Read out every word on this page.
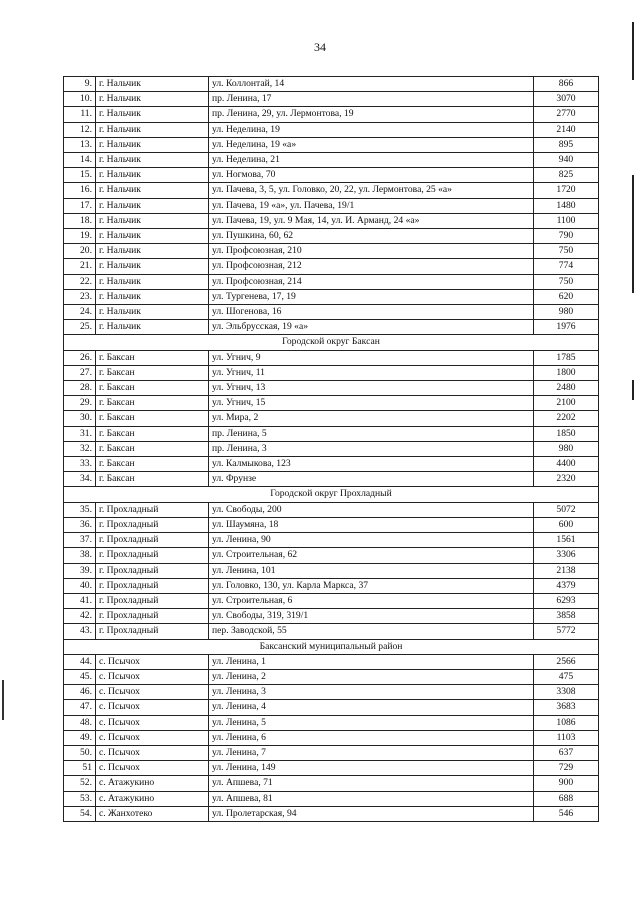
34
9.	г. Нальчик	ул. Коллонтай, 14	866
10.	г. Нальчик	пр. Ленина, 17	3070
11.	г. Нальчик	пр. Ленина, 29, ул. Лермонтова, 19	2770
12.	г. Нальчик	ул. Неделина, 19	2140
13.	г. Нальчик	ул. Неделина, 19 «а»	895
14.	г. Нальчик	ул. Неделина, 21	940
15.	г. Нальчик	ул. Ногмова, 70	825
16.	г. Нальчик	ул. Пачева, 3, 5, ул. Головко, 20, 22, ул. Лермонтова, 25 «а»	1720
17.	г. Нальчик	ул. Пачева, 19 «а», ул. Пачева, 19/1	1480
18.	г. Нальчик	ул. Пачева, 19, ул. 9 Мая, 14, ул. И. Арманд, 24 «а»	1100
19.	г. Нальчик	ул. Пушкина, 60, 62	790
20.	г. Нальчик	ул. Профсоюзная, 210	750
21.	г. Нальчик	ул. Профсоюзная, 212	774
22.	г. Нальчик	ул. Профсоюзная, 214	750
23.	г. Нальчик	ул. Тургенева, 17, 19	620
24.	г. Нальчик	ул. Шогенова, 16	980
25.	г. Нальчик	ул. Эльбрусская, 19 «а»	1976
Городской округ Баксан			
26.	г. Баксан	ул. Угнич, 9	1785
27.	г. Баксан	ул. Угнич, 11	1800
28.	г. Баксан	ул. Угнич, 13	2480
29.	г. Баксан	ул. Угнич, 15	2100
30.	г. Баксан	ул. Мира, 2	2202
31.	г. Баксан	пр. Ленина, 5	1850
32.	г. Баксан	пр. Ленина, 3	980
33.	г. Баксан	ул. Калмыкова, 123	4400
34.	г. Баксан	ул. Фрунзе	2320
Городской округ Прохладный			
35.	г. Прохладный	ул. Свободы, 200	5072
36.	г. Прохладный	ул. Шаумяна, 18	600
37.	г. Прохладный	ул. Ленина, 90	1561
38.	г. Прохладный	ул. Строительная, 62	3306
39.	г. Прохладный	ул. Ленина, 101	2138
40.	г. Прохладный	ул. Головко, 130, ул. Карла Маркса, 37	4379
41.	г. Прохладный	ул. Строительная, 6	6293
42.	г. Прохладный	ул. Свободы, 319, 319/1	3858
43.	г. Прохладный	пер. Заводской, 55	5772
Баксанский муниципальный район			
44.	с. Псычох	ул. Ленина, 1	2566
45.	с. Псычох	ул. Ленина, 2	475
46.	с. Псычох	ул. Ленина, 3	3308
47.	с. Псычох	ул. Ленина, 4	3683
48.	с. Псычох	ул. Ленина, 5	1086
49.	с. Псычох	ул. Ленина, 6	1103
50.	с. Псычох	ул. Ленина, 7	637
51	с. Псычох	ул. Ленина, 149	729
52.	с. Атажукино	ул. Апшева, 71	900
53.	с. Атажукино	ул. Апшева, 81	688
54.	с. Жанхотеко	ул. Пролетарская, 94	546
